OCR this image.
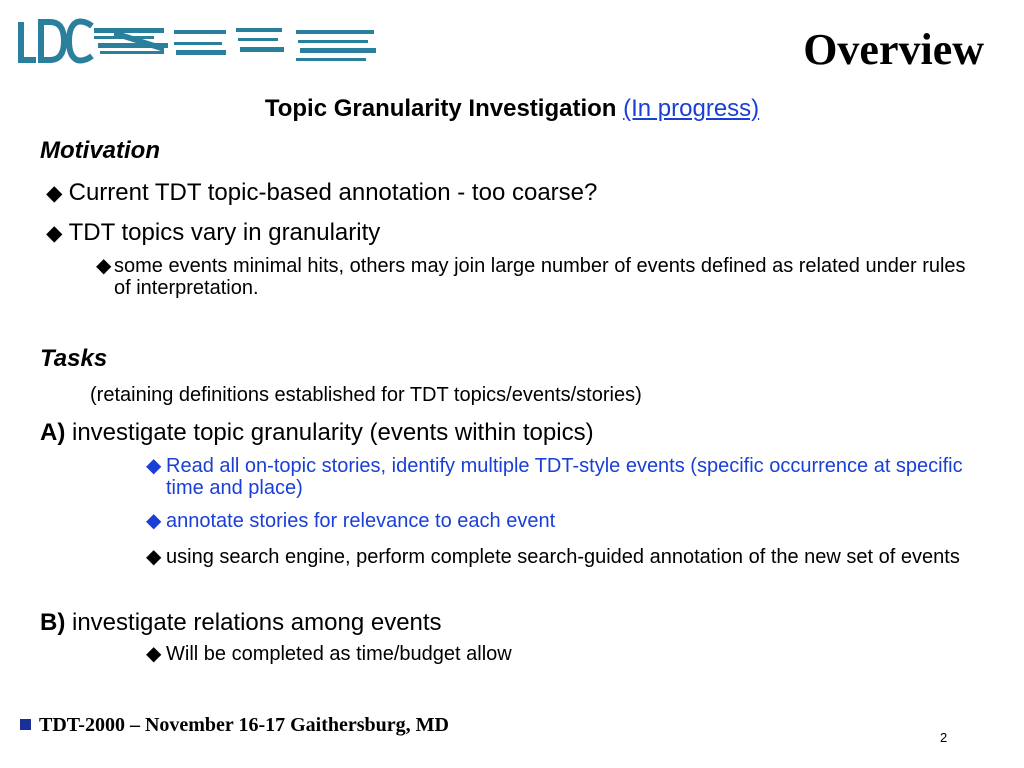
Overview
Topic Granularity Investigation (In progress)
Motivation
◆ Current TDT topic-based annotation - too coarse?
◆ TDT topics vary in granularity
◆ some events minimal hits, others may join large number of events defined as related under rules of interpretation.
Tasks
(retaining definitions established for TDT topics/events/stories)
A) investigate topic granularity (events within topics)
◆ Read all on-topic stories, identify multiple TDT-style events (specific occurrence at specific time and place)
◆ annotate stories for relevance to each event
◆ using search engine, perform complete search-guided annotation of the new set of events
B) investigate relations among events
◆ Will be completed as time/budget allow
TDT-2000 – November 16-17 Gaithersburg, MD
2
